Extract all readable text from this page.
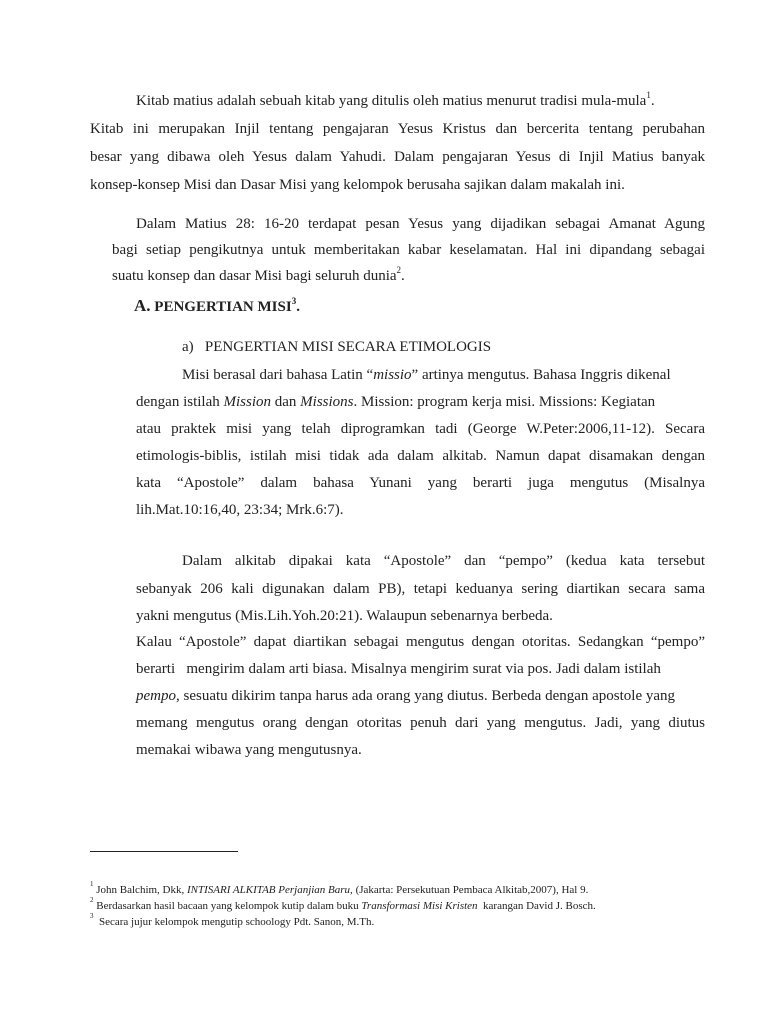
Kitab matius adalah sebuah kitab yang ditulis oleh matius menurut tradisi mula-mula$^1$.
Kitab ini merupakan Injil tentang pengajaran Yesus Kristus dan bercerita tentang perubahan
besar yang dibawa oleh Yesus dalam Yahudi. Dalam pengajaran Yesus di Injil Matius banyak
konsep-konsep Misi dan Dasar Misi yang kelompok berusaha sajikan dalam makalah ini.
Dalam Matius 28: 16-20 terdapat pesan Yesus yang dijadikan sebagai Amanat Agung
bagi setiap pengikutnya untuk memberitakan kabar keselamatan. Hal ini dipandang sebagai
suatu konsep dan dasar Misi bagi seluruh dunia$^2$.
A. PENGERTIAN MISI$^3$.
a)   PENGERTIAN MISI SECARA ETIMOLOGIS
Misi berasal dari bahasa Latin “missio” artinya mengutus. Bahasa Inggris dikenal
dengan istilah Mission dan Missions. Mission: program kerja misi. Missions: Kegiatan
atau praktek misi yang telah diprogramkan tadi (George W.Peter:2006,11-12). Secara
etimologis-biblis, istilah misi tidak ada dalam alkitab. Namun dapat disamakan dengan
kata “Apostole” dalam bahasa Yunani yang berarti juga mengutus (Misalnya
lih.Mat.10:16,40, 23:34; Mrk.6:7).
Dalam alkitab dipakai kata “Apostole” dan “pempo” (kedua kata tersebut
sebanyak 206 kali digunakan dalam PB), tetapi keduanya sering diartikan secara sama
yakni mengutus (Mis.Lih.Yoh.20:21). Walaupun sebenarnya berbeda.
Kalau “Apostole” dapat diartikan sebagai mengutus dengan otoritas. Sedangkan “pempo”
berarti   mengirim dalam arti biasa. Misalnya mengirim surat via pos. Jadi dalam istilah
pempo, sesuatu dikirim tanpa harus ada orang yang diutus. Berbeda dengan apostole yang
memang mengutus orang dengan otoritas penuh dari yang mengutus. Jadi, yang diutus
memakai wibawa yang mengutusnya.
$^1$ John Balchim, Dkk, INTISARI ALKITAB Perjanjian Baru, (Jakarta: Persekutuan Pembaca Alkitab,2007), Hal 9.
$^2$ Berdasarkan hasil bacaan yang kelompok kutip dalam buku Transformasi Misi Kristen  karangan David J. Bosch.
$^3$  Secara jujur kelompok mengutip schoology Pdt. Sanon, M.Th.
